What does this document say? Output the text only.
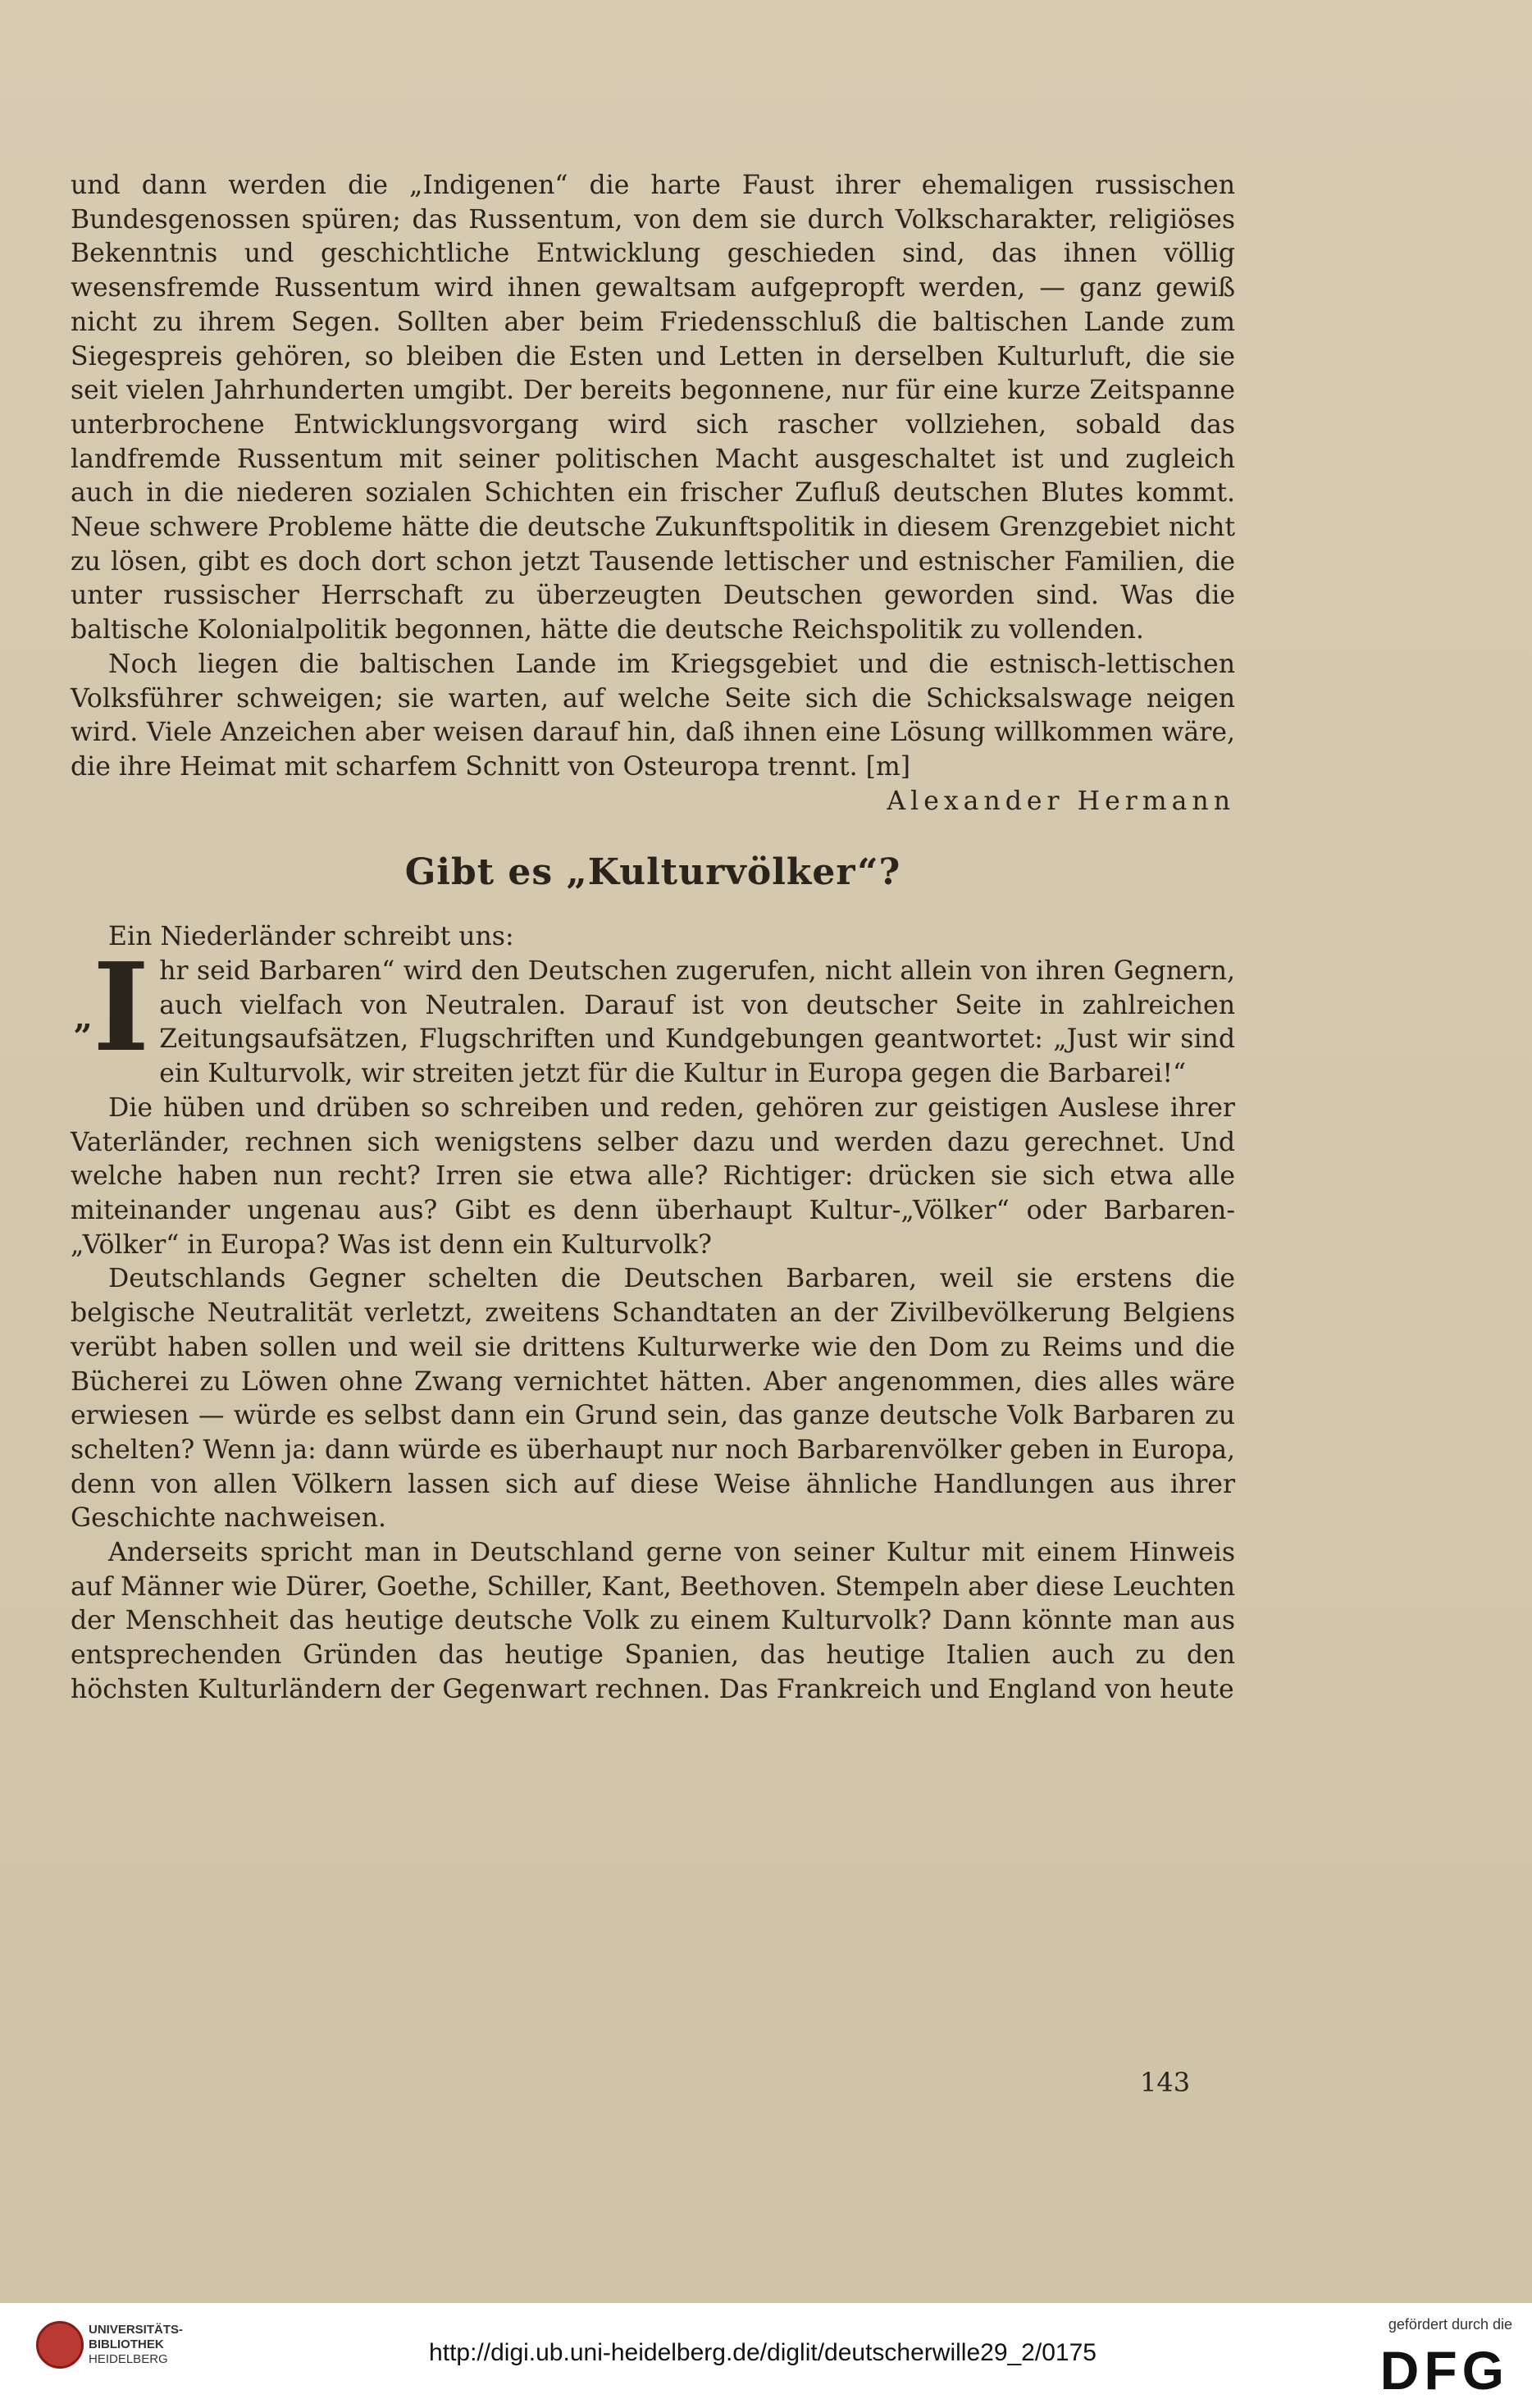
und dann werden die „Indigenen“ die harte Faust ihrer ehemaligen russischen Bundesgenossen spüren; das Russentum, von dem sie durch Volkscharakter, religiöses Bekenntnis und geschichtliche Entwicklung geschieden sind, das ihnen völlig wesensfremde Russentum wird ihnen gewaltsam aufgepropft werden, — ganz gewiß nicht zu ihrem Segen. Sollten aber beim Friedensschluß die baltischen Lande zum Siegespreis gehören, so bleiben die Esten und Letten in derselben Kulturluft, die sie seit vielen Jahrhunderten umgibt. Der bereits begonnene, nur für eine kurze Zeitspanne unterbrochene Entwicklungsvorgang wird sich rascher vollziehen, sobald das landfremde Russentum mit seiner politischen Macht ausgeschaltet ist und zugleich auch in die niederen sozialen Schichten ein frischer Zufluß deutschen Blutes kommt. Neue schwere Probleme hätte die deutsche Zukunftspolitik in diesem Grenzgebiet nicht zu lösen, gibt es doch dort schon jetzt Tausende lettischer und estnischer Familien, die unter russischer Herrschaft zu überzeugten Deutschen geworden sind. Was die baltische Kolonialpolitik begonnen, hätte die deutsche Reichspolitik zu vollenden.

Noch liegen die baltischen Lande im Kriegsgebiet und die estnisch-lettischen Volksführer schweigen; sie warten, auf welche Seite sich die Schicksalswage neigen wird. Viele Anzeichen aber weisen darauf hin, daß ihnen eine Lösung willkommen wäre, die ihre Heimat mit scharfem Schnitt von Osteuropa trennt. [m]
Alexander Hermann

Gibt es „Kulturvölker“?

Ein Niederländer schreibt uns:

„I hr seid Barbaren“ wird den Deutschen zugerufen, nicht allein von ihren Gegnern, auch vielfach von Neutralen. Darauf ist von deutscher Seite in zahlreichen Zeitungsaufsätzen, Flugschriften und Kundgebungen geantwortet: „Just wir sind ein Kulturvolk, wir streiten jetzt für die Kultur in Europa gegen die Barbarei!“

Die hüben und drüben so schreiben und reden, gehören zur geistigen Auslese ihrer Vaterländer, rechnen sich wenigstens selber dazu und werden dazu gerechnet. Und welche haben nun recht? Irren sie etwa alle? Richtiger: drücken sie sich etwa alle miteinander ungenau aus? Gibt es denn überhaupt Kultur-„Völker“ oder Barbaren-„Völker“ in Europa? Was ist denn ein Kulturvolk?

Deutschlands Gegner schelten die Deutschen Barbaren, weil sie erstens die belgische Neutralität verletzt, zweitens Schandtaten an der Zivilbevölkerung Belgiens verübt haben sollen und weil sie drittens Kulturwerke wie den Dom zu Reims und die Bücherei zu Löwen ohne Zwang vernichtet hätten. Aber angenommen, dies alles wäre erwiesen — würde es selbst dann ein Grund sein, das ganze deutsche Volk Barbaren zu schelten? Wenn ja: dann würde es überhaupt nur noch Barbarenvölker geben in Europa, denn von allen Völkern lassen sich auf diese Weise ähnliche Handlungen aus ihrer Geschichte nachweisen.

Anderseits spricht man in Deutschland gerne von seiner Kultur mit einem Hinweis auf Männer wie Dürer, Goethe, Schiller, Kant, Beethoven. Stempeln aber diese Leuchten der Menschheit das heutige deutsche Volk zu einem Kulturvolk? Dann könnte man aus entsprechenden Gründen das heutige Spanien, das heutige Italien auch zu den höchsten Kulturländern der Gegenwart rechnen. Das Frankreich und England von heute

143
UNIVERSITÄTS-
BIBLIOTHEK
HEIDELBERG	http://digi.ub.uni-heidelberg.de/diglit/deutscherwille29_2/0175
gefördert durch die
DFG
